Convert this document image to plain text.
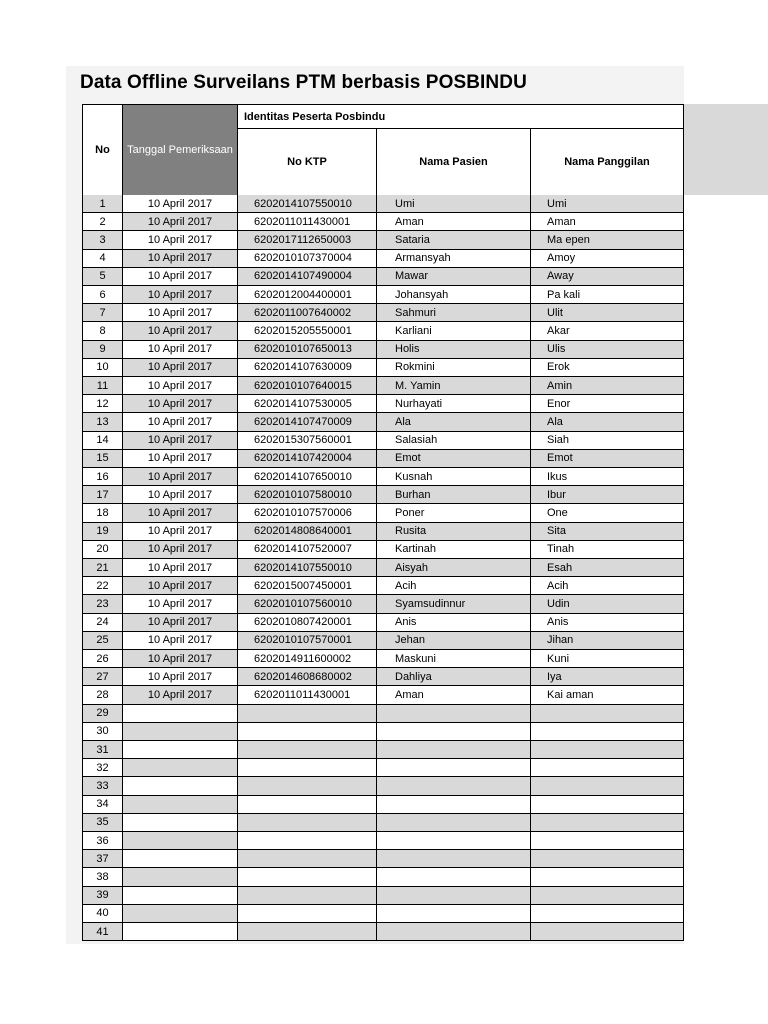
Data Offline Surveilans PTM berbasis POSBINDU
No	Tanggal Pemeriksaan
Identitas Peserta Posbindu
No KTP	Nama Pasien	Nama Panggilan
1	10 April 2017	6202014107550010	Umi	Umi
2	10 April 2017	6202011011430001	Aman	Aman
3	10 April 2017	6202017112650003	Sataria	Ma epen
4	10 April 2017	6202010107370004	Armansyah	Amoy
5	10 April 2017	6202014107490004	Mawar	Away
6	10 April 2017	6202012004400001	Johansyah	Pa kali
7	10 April 2017	6202011007640002	Sahmuri	Ulit
8	10 April 2017	6202015205550001	Karliani	Akar
9	10 April 2017	6202010107650013	Holis	Ulis
10	10 April 2017	6202014107630009	Rokmini	Erok
11	10 April 2017	6202010107640015	M. Yamin	Amin
12	10 April 2017	6202014107530005	Nurhayati	Enor
13	10 April 2017	6202014107470009	Ala	Ala
14	10 April 2017	6202015307560001	Salasiah	Siah
15	10 April 2017	6202014107420004	Emot	Emot
16	10 April 2017	6202014107650010	Kusnah	Ikus
17	10 April 2017	6202010107580010	Burhan	Ibur
18	10 April 2017	6202010107570006	Poner	One
19	10 April 2017	6202014808640001	Rusita	Sita
20	10 April 2017	6202014107520007	Kartinah	Tinah
21	10 April 2017	6202014107550010	Aisyah	Esah
22	10 April 2017	6202015007450001	Acih	Acih
23	10 April 2017	6202010107560010	Syamsudinnur	Udin
24	10 April 2017	6202010807420001	Anis	Anis
25	10 April 2017	6202010107570001	Jehan	Jihan
26	10 April 2017	6202014911600002	Maskuni	Kuni
27	10 April 2017	6202014608680002	Dahliya	Iya
28	10 April 2017	6202011011430001	Aman	Kai aman
29
30
31
32
33
34
35
36
37
38
39
40
41
